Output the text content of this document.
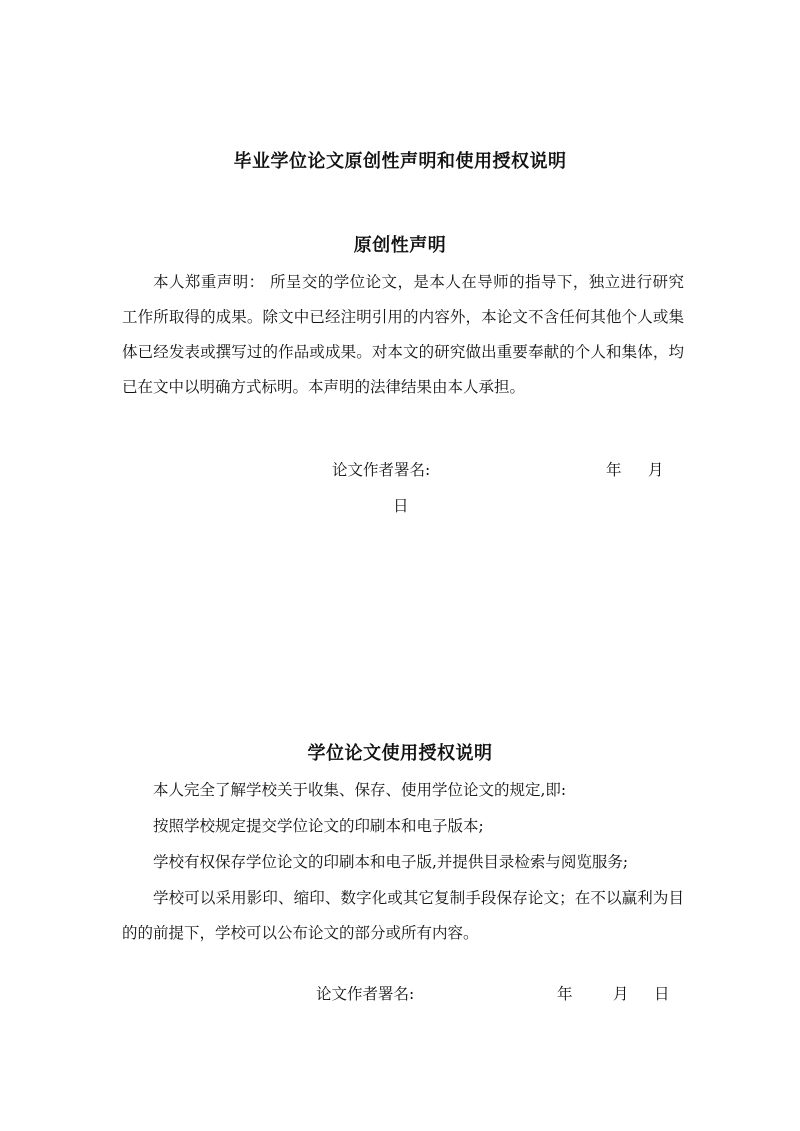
毕业学位论文原创性声明和使用授权说明
原创性声明
本人郑重声明： 所呈交的学位论文，是本人在导师的指导下，独立进行研究工作所取得的成果。除文中已经注明引用的内容外，本论文不含任何其他个人或集体已经发表或撰写过的作品或成果。对本文的研究做出重要奉献的个人和集体，均已在文中以明确方式标明。本声明的法律结果由本人承担。
论文作者署名:	年 月
日
学位论文使用授权说明
本人完全了解学校关于收集、保存、使用学位论文的规定,即:
按照学校规定提交学位论文的印刷本和电子版本;
学校有权保存学位论文的印刷本和电子版,并提供目录检索与阅览服务;
学校可以采用影印、缩印、数字化或其它复制手段保存论文；在不以赢利为目的的前提下，学校可以公布论文的部分或所有内容。
论文作者署名:	年	月 日
